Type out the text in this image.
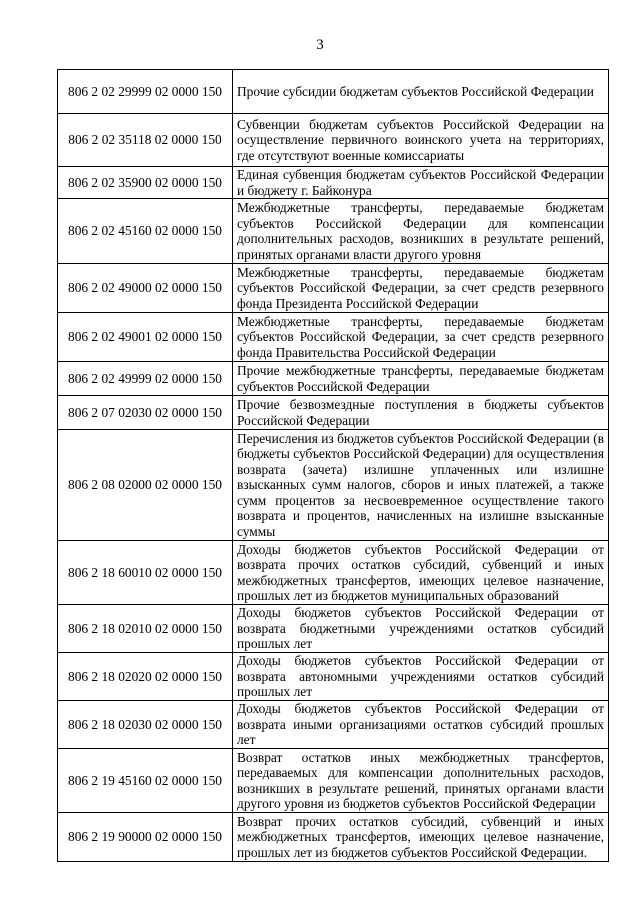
3
806 2 02 29999 02 0000 150	Прочие субсидии бюджетам субъектов Российской Федерации
806 2 02 35118 02 0000 150	Субвенции бюджетам субъектов Российской Федерации на осуществление первичного воинского учета на территориях, где отсутствуют военные комиссариаты
806 2 02 35900 02 0000 150	Единая субвенция бюджетам субъектов Российской Федерации и бюджету г. Байконура
806 2 02 45160 02 0000 150	Межбюджетные трансферты, передаваемые бюджетам субъектов Российской Федерации для компенсации дополнительных расходов, возникших в результате решений, принятых органами власти другого уровня
806 2 02 49000 02 0000 150	Межбюджетные трансферты, передаваемые бюджетам субъектов Российской Федерации, за счет средств резервного фонда Президента Российской Федерации
806 2 02 49001 02 0000 150	Межбюджетные трансферты, передаваемые бюджетам субъектов Российской Федерации, за счет средств резервного фонда Правительства Российской Федерации
806 2 02 49999 02 0000 150	Прочие межбюджетные трансферты, передаваемые бюджетам субъектов Российской Федерации
806 2 07 02030 02 0000 150	Прочие безвозмездные поступления в бюджеты субъектов Российской Федерации
806 2 08 02000 02 0000 150	Перечисления из бюджетов субъектов Российской Федерации (в бюджеты субъектов Российской Федерации) для осуществления возврата (зачета) излишне уплаченных или излишне взысканных сумм налогов, сборов и иных платежей, а также сумм процентов за несвоевременное осуществление такого возврата и процентов, начисленных на излишне взысканные суммы
806 2 18 60010 02 0000 150	Доходы бюджетов субъектов Российской Федерации от возврата прочих остатков субсидий, субвенций и иных межбюджетных трансфертов, имеющих целевое назначение, прошлых лет из бюджетов муниципальных образований
806 2 18 02010 02 0000 150	Доходы бюджетов субъектов Российской Федерации от возврата бюджетными учреждениями остатков субсидий прошлых лет
806 2 18 02020 02 0000 150	Доходы бюджетов субъектов Российской Федерации от возврата автономными учреждениями остатков субсидий прошлых лет
806 2 18 02030 02 0000 150	Доходы бюджетов субъектов Российской Федерации от возврата иными организациями остатков субсидий прошлых лет
806 2 19 45160 02 0000 150	Возврат остатков иных межбюджетных трансфертов, передаваемых для компенсации дополнительных расходов, возникших в результате решений, принятых органами власти другого уровня из бюджетов субъектов Российской Федерации
806 2 19 90000 02 0000 150	Возврат прочих остатков субсидий, субвенций и иных межбюджетных трансфертов, имеющих целевое назначение, прошлых лет из бюджетов субъектов Российской Федерации.
